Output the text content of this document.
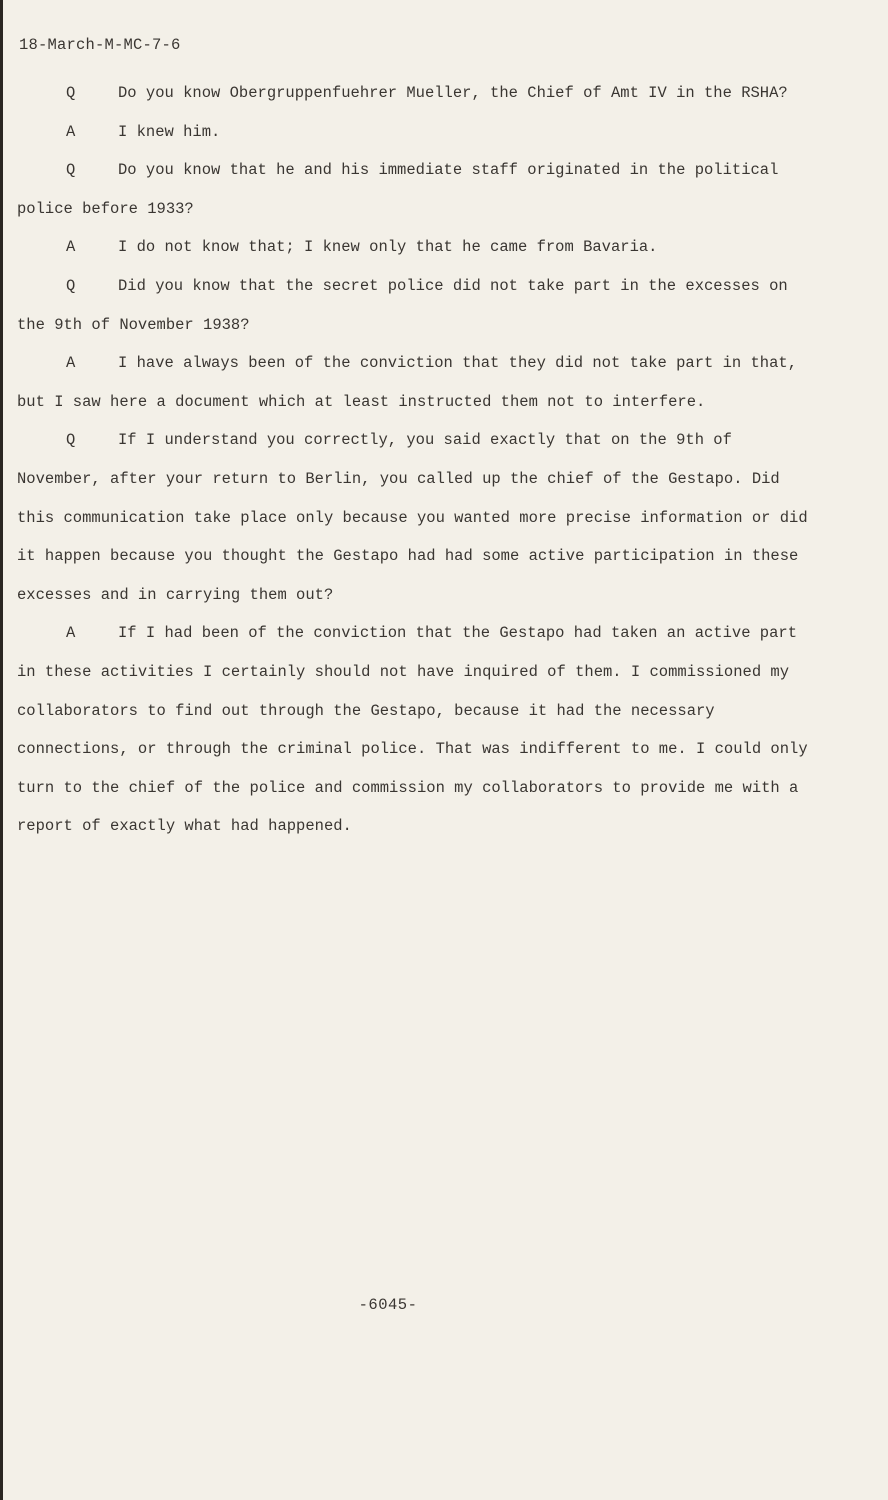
18-March-M-MC-7-6

Q	Do you know Obergruppenfuehrer Mueller, the Chief of Amt IV in the RSHA?

A	I knew him.

Q	Do you know that he and his immediate staff originated in the political police before 1933?

A	I do not know that; I knew only that he came from Bavaria.

Q	Did you know that the secret police did not take part in the excesses on the 9th of November 1938?

A	I have always been of the conviction that they did not take part in that, but I saw here a document which at least instructed them not to interfere.

Q	If I understand you correctly, you said exactly that on the 9th of November, after your return to Berlin, you called up the chief of the Gestapo. Did this communication take place only because you wanted more precise information or did it happen because you thought the Gestapo had had some active participation in these excesses and in carrying them out?

A	If I had been of the conviction that the Gestapo had taken an active part in these activities I certainly should not have inquired of them. I commissioned my collaborators to find out through the Gestapo, because it had the necessary connections, or through the criminal police. That was indifferent to me. I could only turn to the chief of the police and commission my collaborators to provide me with a report of exactly what had happened.

-6045-
